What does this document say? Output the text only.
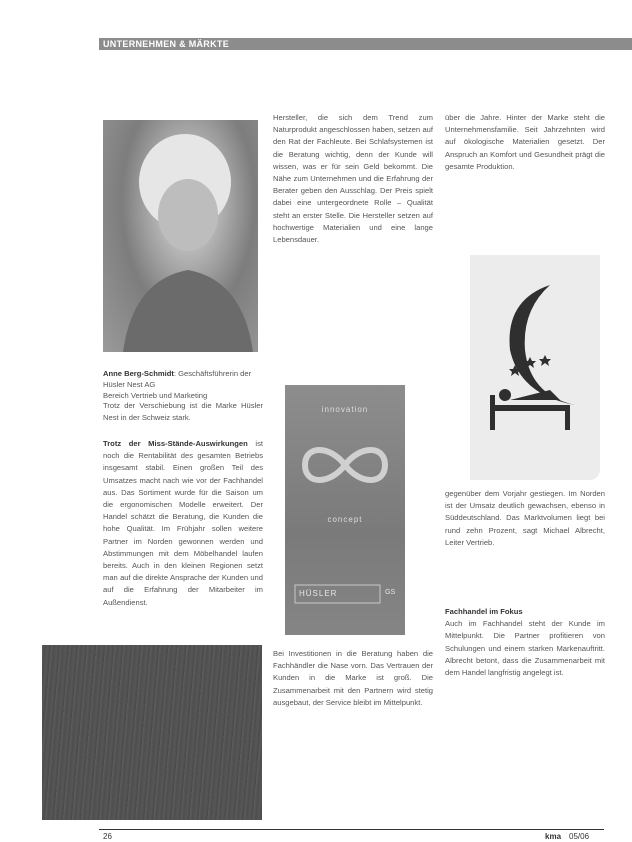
UNTERNEHMEN & MÄRKTE
Anne Berg-Schmidt: Geschäftsführerin der Hüsler Nest AG
Bereich Vertrieb und Marketing

Trotz der Verschiebung ist die Marke Hüsler Nest in der Schweiz stark.

Trotz der Miss-Stände-Auswirkungen ist noch die Rentabilität des gesamten Betriebs insgesamt stabil. Einen großen Teil des Umsatzes macht nach wie vor der Fachhandel aus. Das Sortiment wurde für die Saison um die ergonomischen Modelle erweitert. Der Handel schätzt die Beratung, die Kunden die hohe Qualität. Im Frühjahr sollen weitere Partner im Norden gewonnen werden und Abstimmungen mit dem Möbelhandel laufen bereits. Auch in den kleinen Regionen setzt man auf die direkte Ansprache der Kunden und auf die Erfahrung der Mitarbeiter im Außendienst.

Hersteller, die sich dem Trend zum Naturprodukt angeschlossen haben, setzen auf den Rat der Fachleute. Bei Schlafsystemen ist die Beratung wichtig, denn der Kunde will wissen, was er für sein Geld bekommt. Die Nähe zum Unternehmen und die Erfahrung der Berater geben den Ausschlag. Der Preis spielt dabei eine untergeordnete Rolle – Qualität steht an erster Stelle. Die Hersteller setzen auf hochwertige Materialien und eine lange Lebensdauer.

innovation
concept
HÜSLER	GS

Bei Investitionen in die Beratung haben die Fachhändler die Nase vorn. Das Vertrauen der Kunden in die Marke ist groß. Die Zusammenarbeit mit den Partnern wird stetig ausgebaut, der Service bleibt im Mittelpunkt.

über die Jahre. Hinter der Marke steht die Unternehmensfamilie. Seit Jahrzehnten wird auf ökologische Materialien gesetzt. Der Anspruch an Komfort und Gesundheit prägt die gesamte Produktion.

gegenüber dem Vorjahr gestiegen. Im Norden ist der Umsatz deutlich gewachsen, ebenso in Süddeutschland. Das Marktvolumen liegt bei rund zehn Prozent, sagt Michael Albrecht, Leiter Vertrieb.

Fachhandel im Fokus

Auch im Fachhandel steht der Kunde im Mittelpunkt. Die Partner profitieren von Schulungen und einem starken Markenauftritt. Albrecht betont, dass die Zusammenarbeit mit dem Handel langfristig angelegt ist.

26	kma 05/06
